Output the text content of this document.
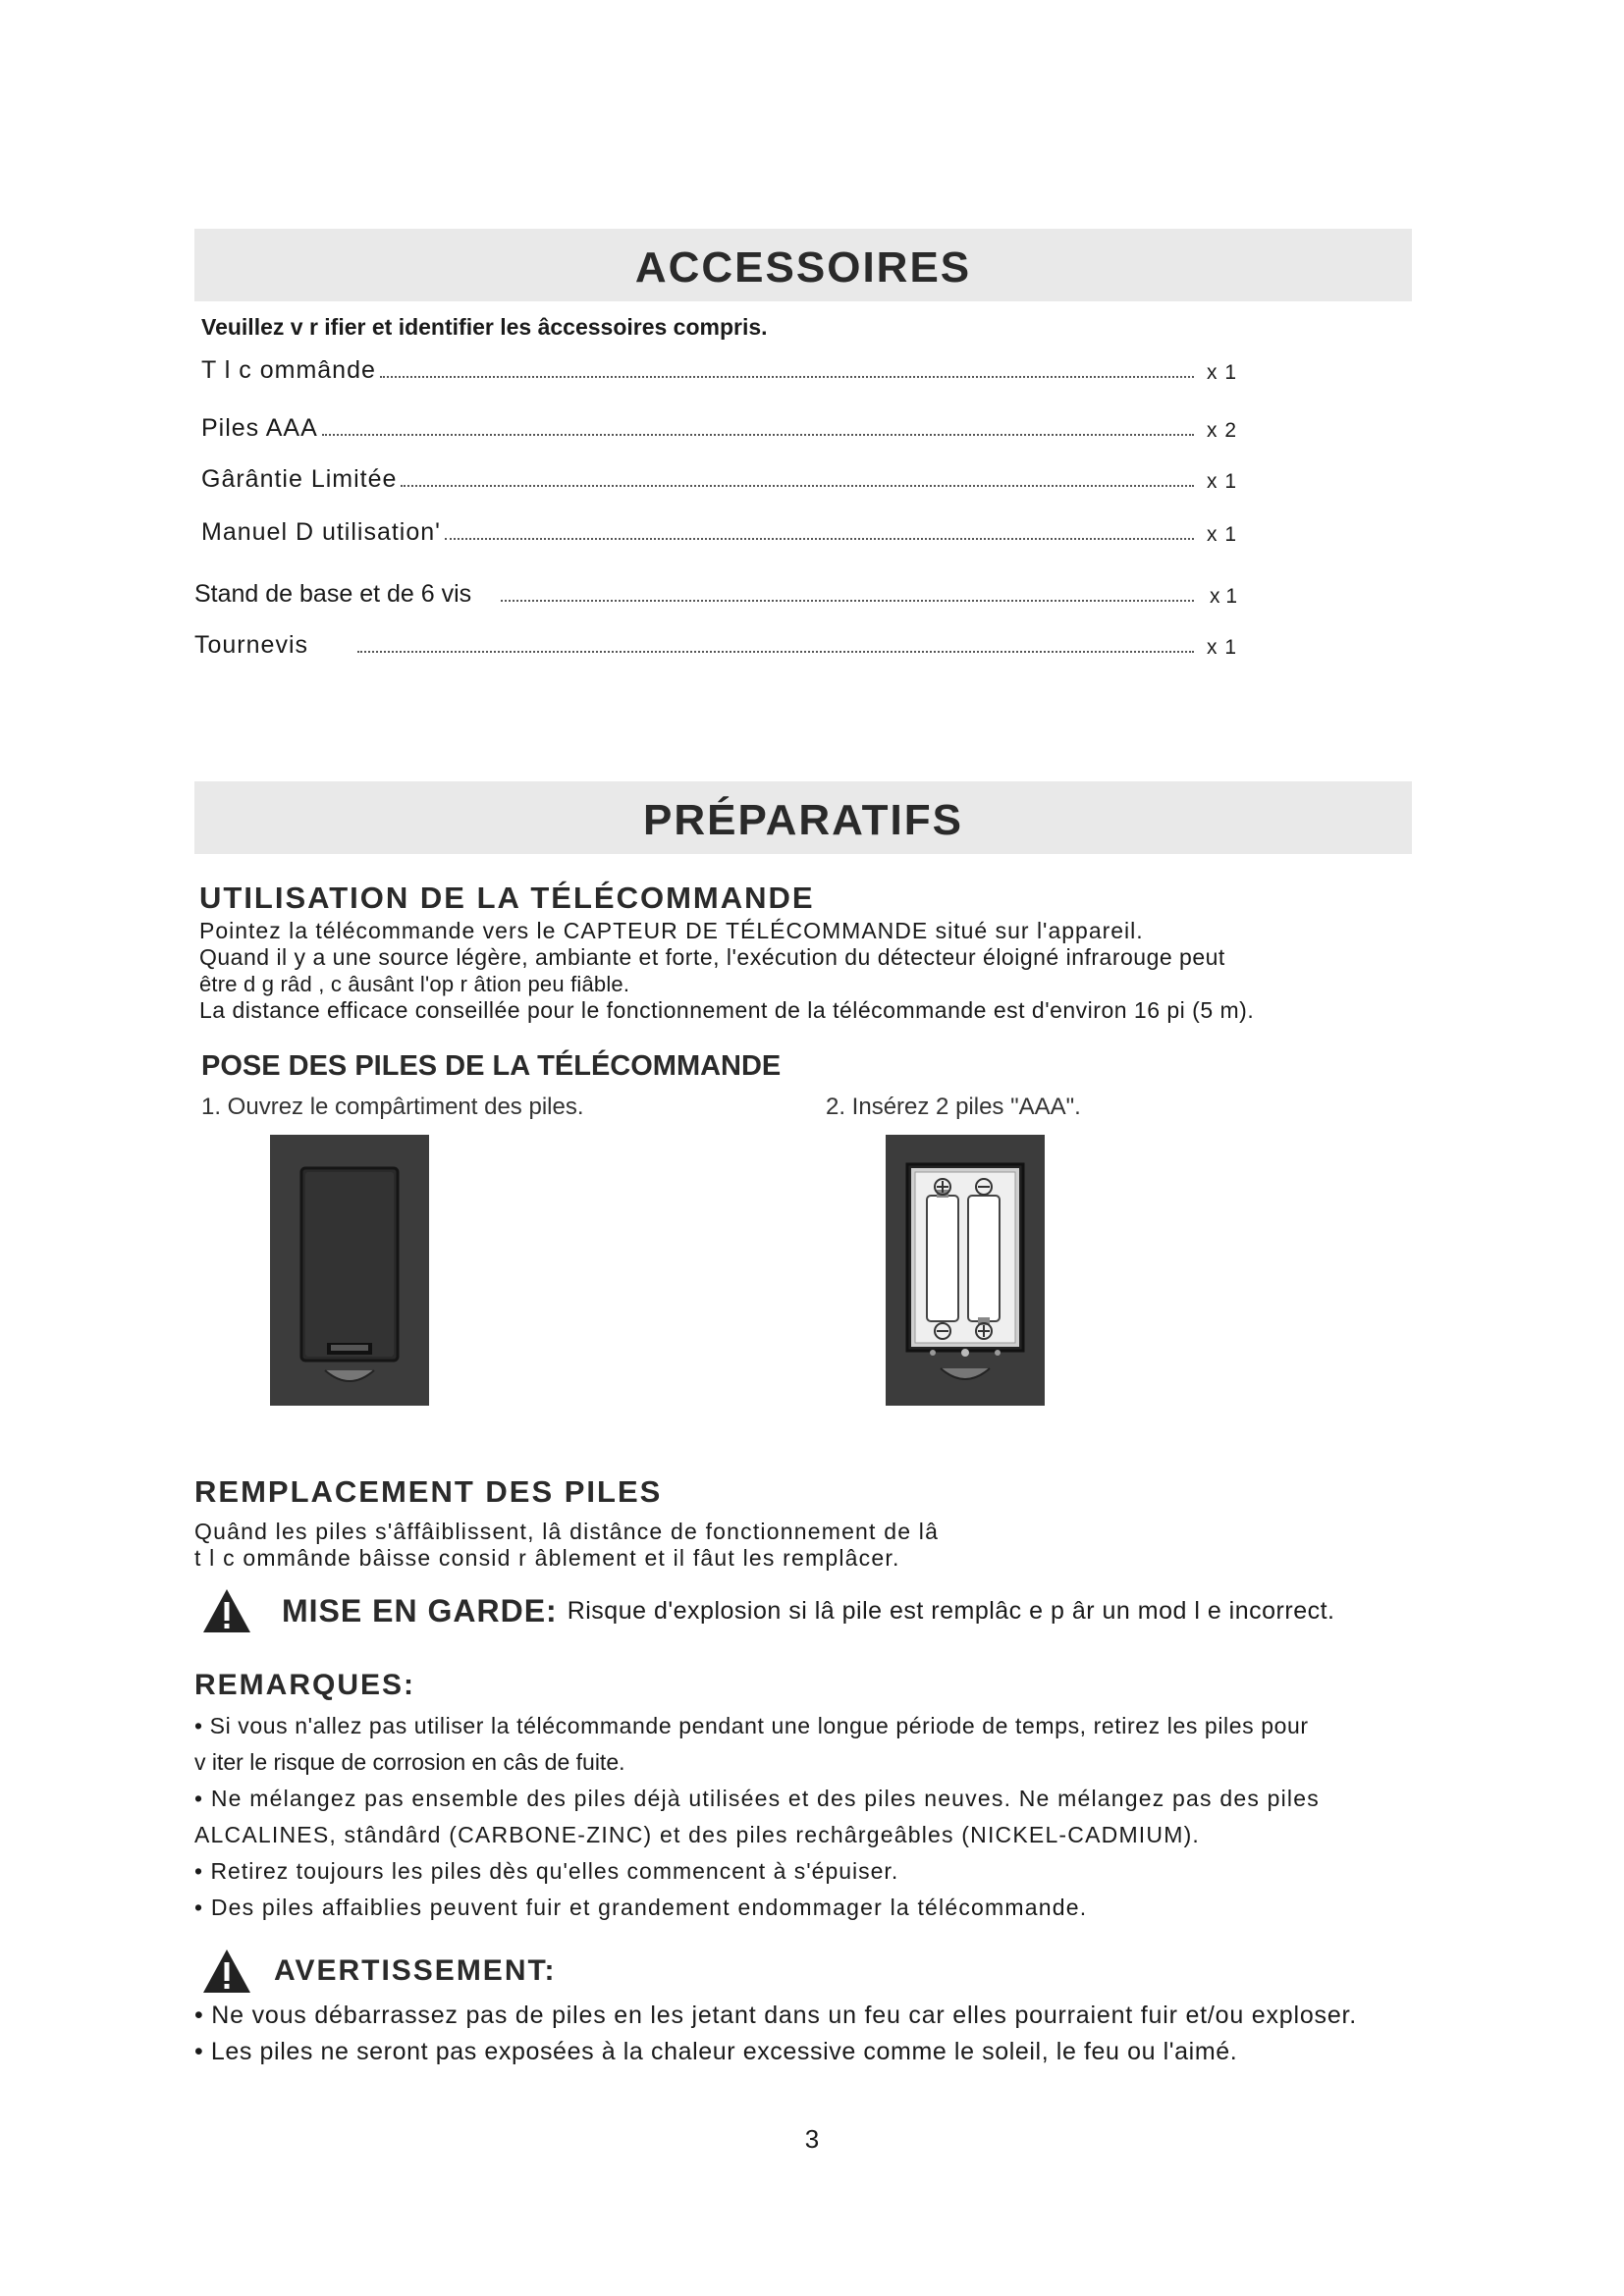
ACCESSOIRES
Veuillez v r ifier et identifier les âccessoires compris.
T l c ommânde	x 1
Piles AAA	x 2
Gârântie Limitée	x 1
Manuel D utilisation'	x 1
Stand de base et de 6 vis	x 1
Tournevis	x 1
PRÉPARATIFS
UTILISATION DE LA TÉLÉCOMMANDE
Pointez la télécommande vers le CAPTEUR DE TÉLÉCOMMANDE situé sur l'appareil.
Quand il y a une source légère, ambiante et forte, l'exécution du détecteur éloigné infrarouge peut
être d g râd , c âusânt l'op r âtion peu fiâble.
La distance efficace conseillée pour le fonctionnement de la télécommande est d'environ 16 pi (5 m).
POSE DES PILES DE LA TÉLÉCOMMANDE
1. Ouvrez le compârtiment des piles.	2. Insérez 2 piles "AAA".
REMPLACEMENT DES PILES
Quând les piles s'âffâiblissent, lâ distânce de fonctionnement de lâ
t l c ommânde bâisse consid r âblement et il fâut les remplâcer.
MISE EN GARDE: Risque d'explosion si lâ pile est remplâc e p âr un mod l e incorrect.
REMARQUES:
• Si vous n'allez pas utiliser la télécommande pendant une longue période de temps, retirez les piles pour
v iter le risque de corrosion en câs de fuite.
• Ne mélangez pas ensemble des piles déjà utilisées et des piles neuves. Ne mélangez pas des piles
ALCALINES, stândârd (CARBONE-ZINC) et des piles rechârgeâbles (NICKEL-CADMIUM).
• Retirez toujours les piles dès qu'elles commencent à s'épuiser.
• Des piles affaiblies peuvent fuir et grandement endommager la télécommande.
AVERTISSEMENT:
• Ne vous débarrassez pas de piles en les jetant dans un feu car elles pourraient fuir et/ou exploser.
• Les piles ne seront pas exposées à la chaleur excessive comme le soleil, le feu ou l'aimé.
3
